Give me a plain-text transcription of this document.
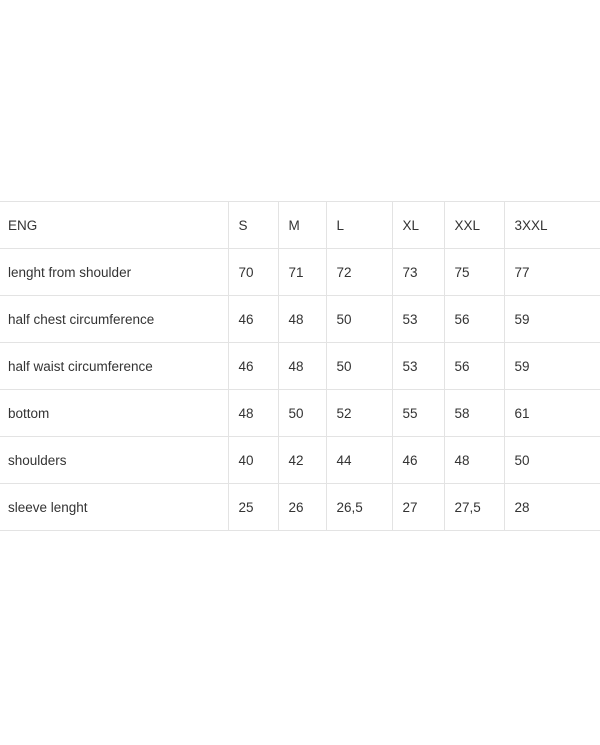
ENG	S	M	L	XL	XXL	3XXL
lenght from shoulder	70	71	72	73	75	77
half chest circumference	46	48	50	53	56	59
half waist circumference	46	48	50	53	56	59
bottom	48	50	52	55	58	61
shoulders	40	42	44	46	48	50
sleeve lenght	25	26	26,5	27	27,5	28
